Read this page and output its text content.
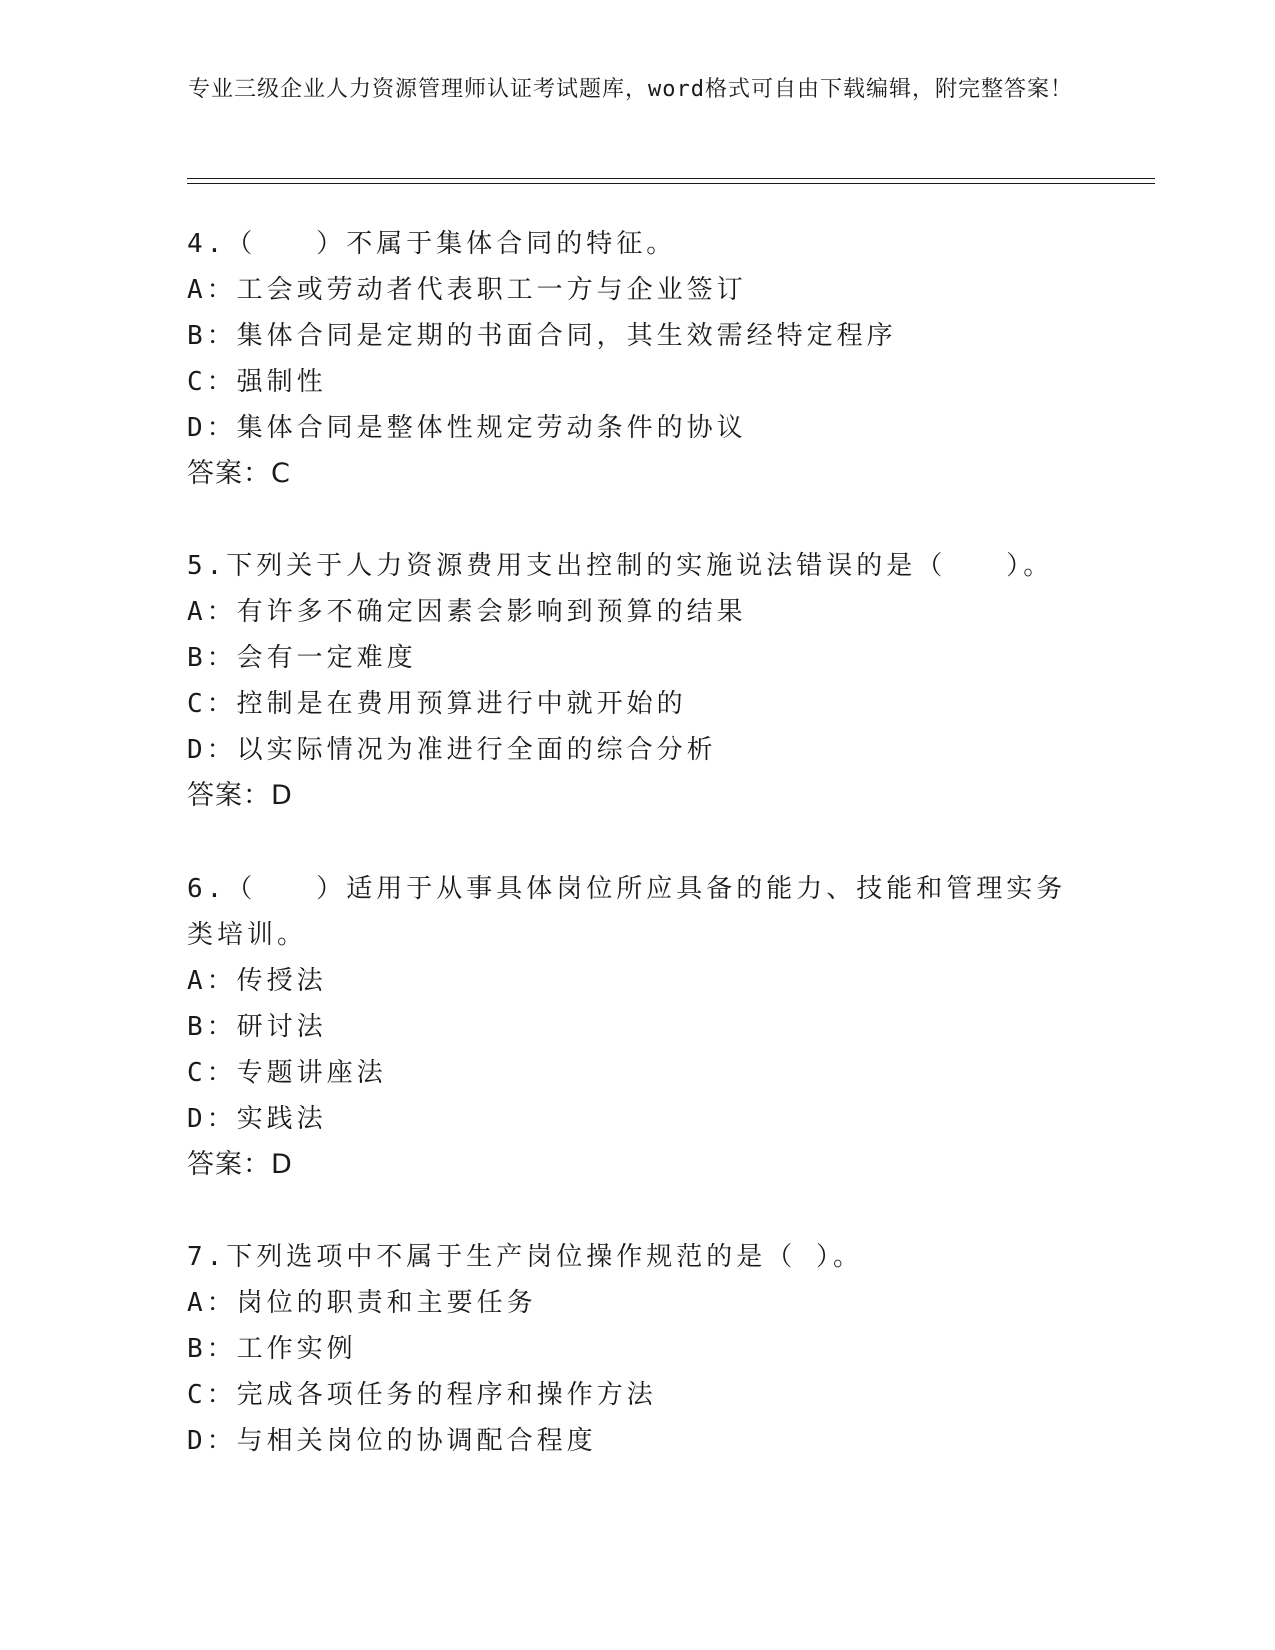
专业三级企业人力资源管理师认证考试题库，word格式可自由下载编辑，附完整答案！

4.（　　）不属于集体合同的特征。
A：工会或劳动者代表职工一方与企业签订
B：集体合同是定期的书面合同，其生效需经特定程序
C：强制性
D：集体合同是整体性规定劳动条件的协议
答案：C
5.下列关于人力资源费用支出控制的实施说法错误的是（　　）。
A：有许多不确定因素会影响到预算的结果
B：会有一定难度
C：控制是在费用预算进行中就开始的
D：以实际情况为准进行全面的综合分析
答案：D
6.（　　）适用于从事具体岗位所应具备的能力、技能和管理实务类培训。
A：传授法
B：研讨法
C：专题讲座法
D：实践法
答案：D
7.下列选项中不属于生产岗位操作规范的是（ ）。
A：岗位的职责和主要任务
B：工作实例
C：完成各项任务的程序和操作方法
D：与相关岗位的协调配合程度
